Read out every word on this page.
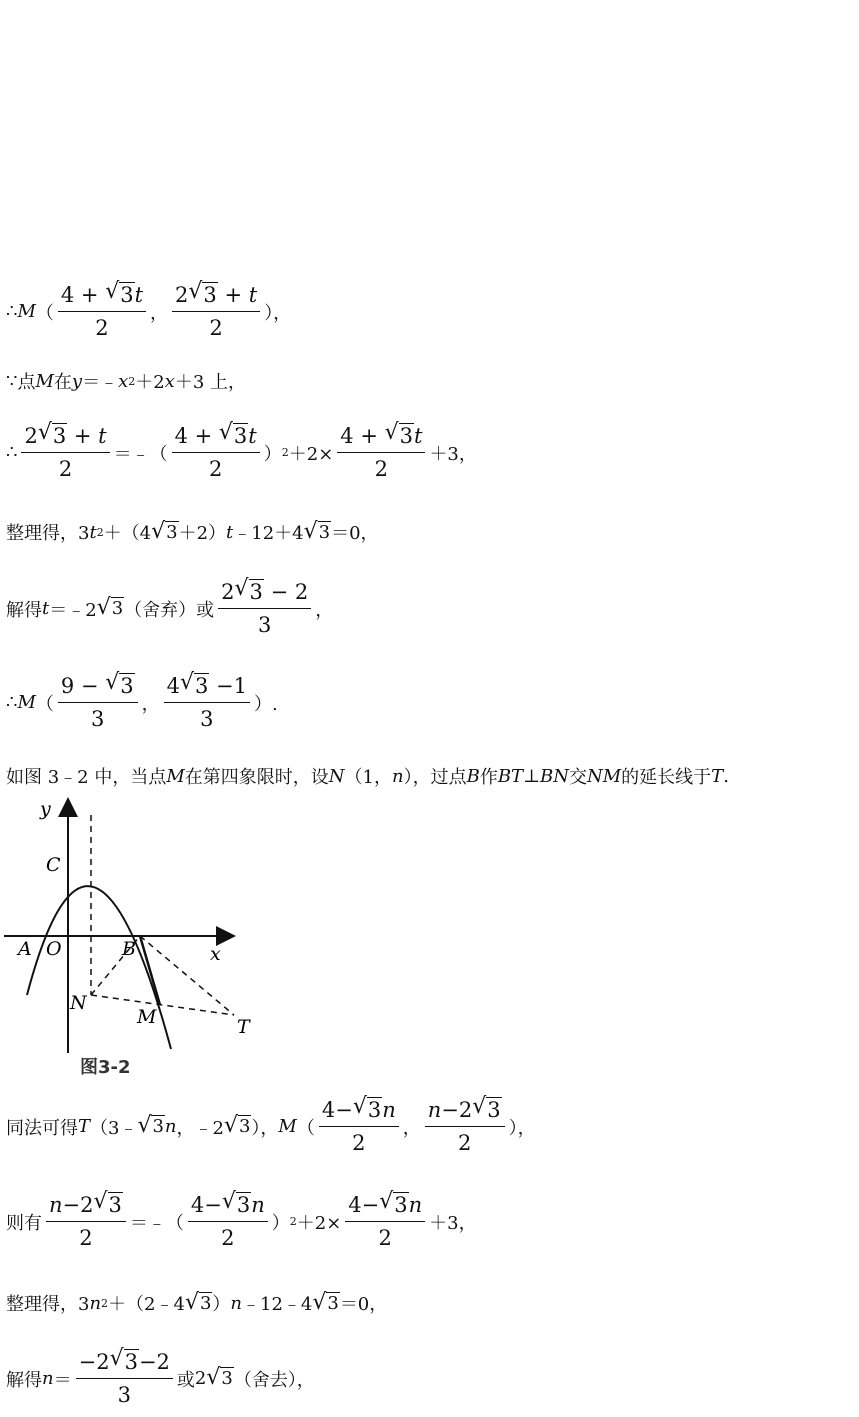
∴ M （ $\frac{4 + √ 3t}{2}$ ， $\frac{2 √ 3 + t}{2}$ ），
∵ 点 M 在 y ＝﹣ x 2 ＋2 x ＋3 上，
∴ $\frac{2 √ 3 + t}{2}$ ＝﹣（ $\frac{4 + √ 3t}{2}$ ） $2 +2\times \frac{4 + √ 3t}{2} +3$，
整理得，3 t 2 ＋（4 √ 3 ＋2） t ﹣12＋4 √ 3 ＝0，
解得 t ＝﹣2 √ 3 （舍弃）或 $\frac{2 √ 3 - 2}{3}$ ，
∴ M （ $\frac{9 - √ 3}{3}$ ， $\frac{4 √ 3 -1}{3}$ ）.
如图 3﹣2 中，当点 M 在第四象限时，设 N （1， n ），过点 B 作 BT ⊥ BN 交 NM 的延长线于 T .
y
x
C
A O	B
N
M	T
图3-2
同法可得 T （3﹣ √ 3 n ，﹣2 √ 3 ）， M （ $\frac{4- √ 3n}{2}$ ， $\frac{n-2 √ 3}{2}$ ），
则有 $\frac{n-2 √ 3}{2}$ ＝﹣（ $\frac{4- √ 3n}{2}$ ） $2 +2\times \frac{4- √ 3n}{2} +3$，
整理得，3 n 2 ＋（2﹣4 √ 3 ） n ﹣12﹣4 √ 3 ＝0，
解得 $n = \frac{-2 √ 3-2}{3}$ 或 2 √ 3 （舍去），
